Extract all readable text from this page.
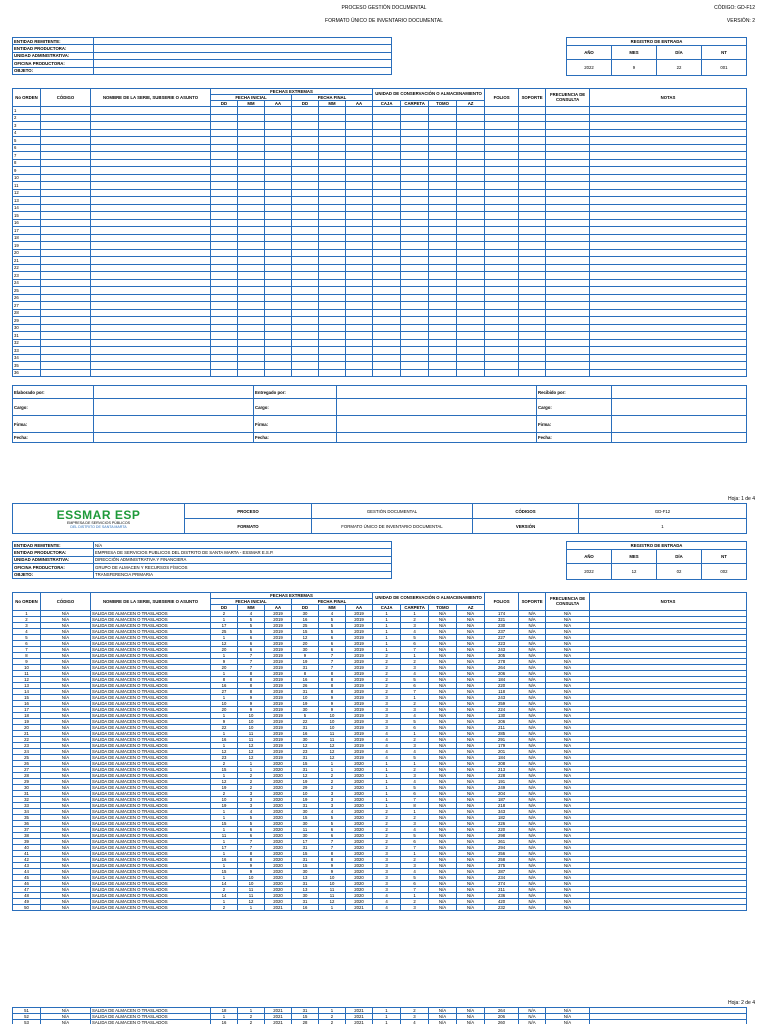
PROCESO GESTIÓN DOCUMENTAL	CÓDIGO: GD-F12
FORMATO ÚNICO DE INVENTARIO DOCUMENTAL	VERSIÓN: 2
ENTIDAD REMITENTE:	
ENTIDAD PRODUCTORA:	
UNIDAD ADMINISTRATIVA:	
OFICINA PRODUCTORA:	
OBJETO:	
REGISTRO DE ENTRADA			
AÑO	MES	DÍA	NT
2022	9	22	001
No ORDEN	CÓDIGO	NOMBRE DE LA SERIE, SUBSERIE O ASUNTO	FECHAS EXTREMAS						UNIDAD DE CONSERVACIÓN O ALMACENAMIENTO				FOLIOS	SOPORTE	FRECUENCIA DE CONSULTA	NOTAS
			FECHA INICIAL			FECHA FINAL										
			DD	MM	AA	DD	MM	AA	CAJA	CARPETA	TOMO	AZ				
1																
2																
3																
4																
5																
6																
7																
8																
9																
10																
11																
12																
13																
14																
15																
16																
17																
18																
19																
20																
21																
22																
23																
24																
25																
26																
27																
28																
29																
30																
31																
32																
33																
34																
35																
36																
Elaborado por:		Entregado por:		Recibido por:	
Cargo:		Cargo:		Cargo:	
Firma:		Firma:		Firma:	
Fecha:		Fecha:		Fecha:	
Hoja: 1 de 4
ESSMAR ESP
EMPRESA DE SERVICIOS PÚBLICOS
DEL DISTRITO DE SANTA MARTA	PROCESO	GESTIÓN DOCUMENTAL	CÓDIGOS	GD-F12
	FORMATO	FORMATO ÚNICO DE INVENTARIO DOCUMENTAL	VERSIÓN	1
ENTIDAD REMITENTE:	N/A
ENTIDAD PRODUCTORA:	EMPRESA DE SERVICIOS PUBLICOS DEL DISTRITO DE SANTA MARTA - ESSMAR E.S.P.
UNIDAD ADMINISTRATIVA:	DIRECCIÓN ADMINISTRATIVA Y FINANCIERA
OFICINA PRODUCTORA:	GRUPO DE ALMACEN Y RECURSOS FÍSICOS
OBJETO:	TRANSFERENCIA PRIMARIA
REGISTRO DE ENTRADA			
AÑO	MES	DÍA	NT
2022	12	02	002
No ORDEN	CÓDIGO	NOMBRE DE LA SERIE, SUBSERIE O ASUNTO	FECHAS EXTREMAS						UNIDAD DE CONSERVACIÓN O ALMACENAMIENTO				FOLIOS	SOPORTE	FRECUENCIA DE CONSULTA	NOTAS
			FECHA INICIAL			FECHA FINAL										
			DD	MM	AA	DD	MM	AA	CAJA	CARPETA	TOMO	AZ				
1	N/A	SALIDA DE ALMACEN O TRASLADOS	2	4	2019	30	4	2019	1	1	N/A	N/A	174	N/A	N/A	
2	N/A	SALIDA DE ALMACEN O TRASLADOS	1	5	2019	16	5	2019	1	2	N/A	N/A	321	N/A	N/A	
3	N/A	SALIDA DE ALMACEN O TRASLADOS	17	5	2019	25	5	2019	1	3	N/A	N/A	230	N/A	N/A	
4	N/A	SALIDA DE ALMACEN O TRASLADOS	25	5	2019	15	5	2019	1	4	N/A	N/A	237	N/A	N/A	
5	N/A	SALIDA DE ALMACEN O TRASLADOS	1	6	2019	12	6	2019	1	5	N/A	N/A	227	N/A	N/A	
6	N/A	SALIDA DE ALMACEN O TRASLADOS	12	6	2019	20	6	2019	1	6	N/A	N/A	223	N/A	N/A	
7	N/A	SALIDA DE ALMACEN O TRASLADOS	20	6	2019	30	6	2019	1	7	N/A	N/A	243	N/A	N/A	
8	N/A	SALIDA DE ALMACEN O TRASLADOS	1	7	2019	9	7	2019	2	1	N/A	N/A	305	N/A	N/A	
9	N/A	SALIDA DE ALMACEN O TRASLADOS	9	7	2019	19	7	2019	2	2	N/A	N/A	278	N/A	N/A	
10	N/A	SALIDA DE ALMACEN O TRASLADOS	20	7	2019	31	7	2019	2	3	N/A	N/A	264	N/A	N/A	
11	N/A	SALIDA DE ALMACEN O TRASLADOS	1	8	2019	8	8	2019	2	4	N/A	N/A	206	N/A	N/A	
12	N/A	SALIDA DE ALMACEN O TRASLADOS	8	8	2019	16	8	2019	2	5	N/A	N/A	184	N/A	N/A	
13	N/A	SALIDA DE ALMACEN O TRASLADOS	16	8	2019	26	8	2019	2	6	N/A	N/A	220	N/A	N/A	
14	N/A	SALIDA DE ALMACEN O TRASLADOS	27	8	2019	31	8	2019	2	7	N/A	N/A	118	N/A	N/A	
15	N/A	SALIDA DE ALMACEN O TRASLADOS	1	9	2019	10	9	2019	3	1	N/A	N/A	243	N/A	N/A	
16	N/A	SALIDA DE ALMACEN O TRASLADOS	10	9	2019	19	9	2019	3	2	N/A	N/A	259	N/A	N/A	
17	N/A	SALIDA DE ALMACEN O TRASLADOS	20	9	2019	30	9	2019	3	3	N/A	N/A	224	N/A	N/A	
18	N/A	SALIDA DE ALMACEN O TRASLADOS	1	10	2019	5	10	2019	3	4	N/A	N/A	130	N/A	N/A	
19	N/A	SALIDA DE ALMACEN O TRASLADOS	9	10	2019	22	10	2019	3	5	N/A	N/A	206	N/A	N/A	
20	N/A	SALIDA DE ALMACEN O TRASLADOS	22	10	2019	31	10	2019	3	6	N/A	N/A	211	N/A	N/A	
21	N/A	SALIDA DE ALMACEN O TRASLADOS	1	11	2019	16	11	2019	4	1	N/A	N/A	285	N/A	N/A	
22	N/A	SALIDA DE ALMACEN O TRASLADOS	16	11	2019	30	11	2019	4	2	N/A	N/A	291	N/A	N/A	
23	N/A	SALIDA DE ALMACEN O TRASLADOS	1	12	2019	12	12	2019	4	3	N/A	N/A	179	N/A	N/A	
24	N/A	SALIDA DE ALMACEN O TRASLADOS	12	12	2019	23	12	2019	4	4	N/A	N/A	201	N/A	N/A	
25	N/A	SALIDA DE ALMACEN O TRASLADOS	23	12	2019	31	12	2019	4	5	N/A	N/A	184	N/A	N/A	
26	N/A	SALIDA DE ALMACEN O TRASLADOS	2	1	2020	15	1	2020	1	1	N/A	N/A	208	N/A	N/A	
27	N/A	SALIDA DE ALMACEN O TRASLADOS	15	1	2020	31	1	2020	1	2	N/A	N/A	213	N/A	N/A	
28	N/A	SALIDA DE ALMACEN O TRASLADOS	1	2	2020	12	2	2020	1	3	N/A	N/A	228	N/A	N/A	
29	N/A	SALIDA DE ALMACEN O TRASLADOS	12	2	2020	19	2	2020	1	4	N/A	N/A	191	N/A	N/A	
30	N/A	SALIDA DE ALMACEN O TRASLADOS	19	2	2020	29	2	2020	1	5	N/A	N/A	249	N/A	N/A	
31	N/A	SALIDA DE ALMACEN O TRASLADOS	2	3	2020	10	3	2020	1	6	N/A	N/A	204	N/A	N/A	
32	N/A	SALIDA DE ALMACEN O TRASLADOS	10	3	2020	19	3	2020	1	7	N/A	N/A	187	N/A	N/A	
33	N/A	SALIDA DE ALMACEN O TRASLADOS	19	3	2020	31	3	2020	1	8	N/A	N/A	218	N/A	N/A	
34	N/A	SALIDA DE ALMACEN O TRASLADOS	1	4	2020	30	4	2020	2	1	N/A	N/A	343	N/A	N/A	
35	N/A	SALIDA DE ALMACEN O TRASLADOS	1	5	2020	15	5	2020	2	2	N/A	N/A	182	N/A	N/A	
36	N/A	SALIDA DE ALMACEN O TRASLADOS	15	5	2020	30	5	2020	2	3	N/A	N/A	226	N/A	N/A	
37	N/A	SALIDA DE ALMACEN O TRASLADOS	1	6	2020	11	6	2020	2	4	N/A	N/A	220	N/A	N/A	
38	N/A	SALIDA DE ALMACEN O TRASLADOS	11	6	2020	30	6	2020	2	5	N/A	N/A	298	N/A	N/A	
39	N/A	SALIDA DE ALMACEN O TRASLADOS	1	7	2020	17	7	2020	2	6	N/A	N/A	261	N/A	N/A	
40	N/A	SALIDA DE ALMACEN O TRASLADOS	17	7	2020	31	7	2020	2	7	N/A	N/A	294	N/A	N/A	
41	N/A	SALIDA DE ALMACEN O TRASLADOS	1	8	2020	15	8	2020	3	1	N/A	N/A	256	N/A	N/A	
42	N/A	SALIDA DE ALMACEN O TRASLADOS	16	8	2020	31	8	2020	3	2	N/A	N/A	258	N/A	N/A	
43	N/A	SALIDA DE ALMACEN O TRASLADOS	1	9	2020	15	9	2020	3	3	N/A	N/A	375	N/A	N/A	
44	N/A	SALIDA DE ALMACEN O TRASLADOS	15	9	2020	30	9	2020	3	4	N/A	N/A	287	N/A	N/A	
45	N/A	SALIDA DE ALMACEN O TRASLADOS	1	10	2020	13	10	2020	3	5	N/A	N/A	234	N/A	N/A	
46	N/A	SALIDA DE ALMACEN O TRASLADOS	14	10	2020	31	10	2020	3	6	N/A	N/A	274	N/A	N/A	
47	N/A	SALIDA DE ALMACEN O TRASLADOS	2	11	2020	13	11	2020	3	7	N/A	N/A	211	N/A	N/A	
48	N/A	SALIDA DE ALMACEN O TRASLADOS	14	11	2020	30	11	2020	4	1	N/A	N/A	236	N/A	N/A	
49	N/A	SALIDA DE ALMACEN O TRASLADOS	1	12	2020	31	12	2020	4	2	N/A	N/A	420	N/A	N/A	
50	N/A	SALIDA DE ALMACEN O TRASLADOS	2	1	2021	16	1	2021	4	3	N/A	N/A	232	N/A	N/A	
Hoja: 2 de 4
51	N/A	SALIDA DE ALMACEN O TRASLADOS	18	1	2021	31	1	2021	1	2	N/A	N/A	264	N/A	N/A	
52	N/A	SALIDA DE ALMACEN O TRASLADOS	1	2	2021	15	2	2021	1	3	N/A	N/A	206	N/A	N/A	
53	N/A	SALIDA DE ALMACEN O TRASLADOS	16	2	2021	28	2	2021	1	4	N/A	N/A	260	N/A	N/A	
